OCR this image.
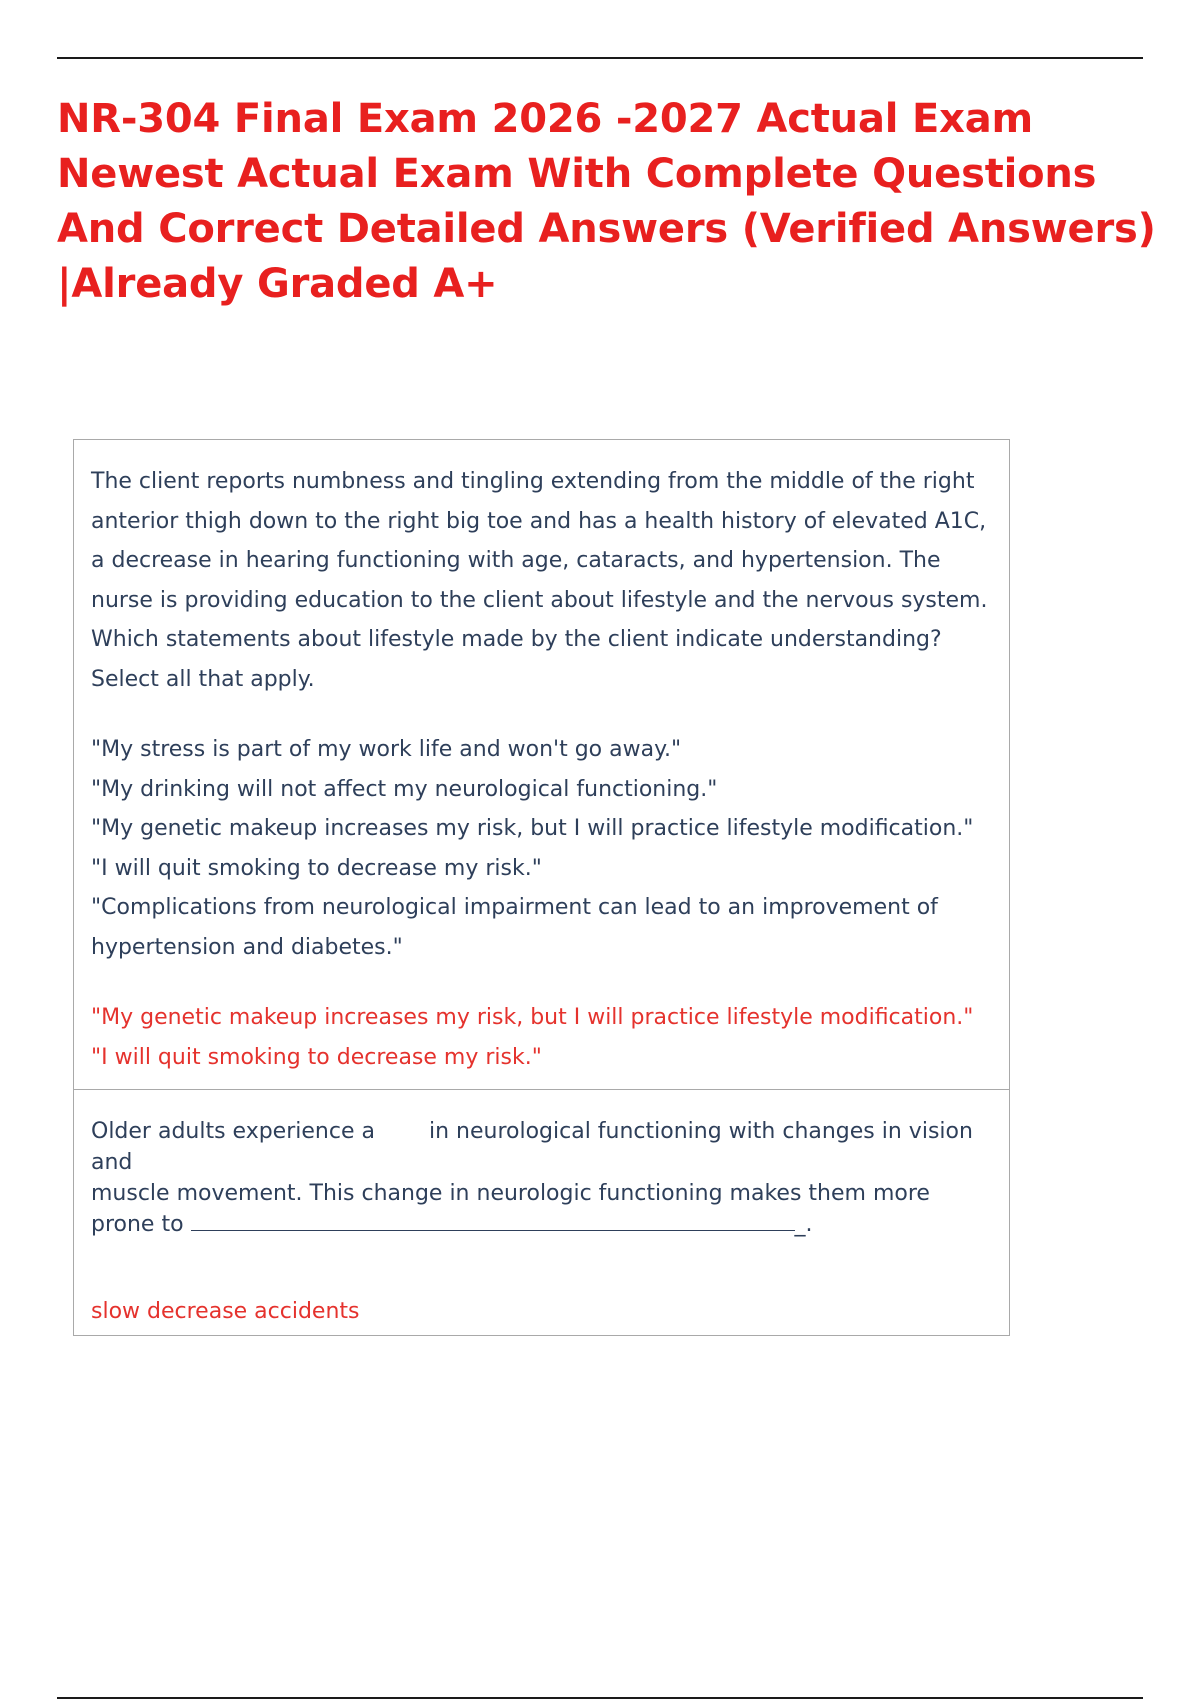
NR-304 Final Exam 2026 -2027 Actual Exam Newest Actual Exam With Complete Questions And Correct Detailed Answers (Verified Answers) |Already Graded A+

The client reports numbness and tingling extending from the middle of the right anterior thigh down to the right big toe and has a health history of elevated A1C, a decrease in hearing functioning with age, cataracts, and hypertension. The nurse is providing education to the client about lifestyle and the nervous system. Which statements about lifestyle made by the client indicate understanding? Select all that apply.

"My stress is part of my work life and won't go away."
"My drinking will not affect my neurological functioning."
"My genetic makeup increases my risk, but I will practice lifestyle modification." "I will quit smoking to decrease my risk."
"Complications from neurological impairment can lead to an improvement of hypertension and diabetes."

"My genetic makeup increases my risk, but I will practice lifestyle modification." "I will quit smoking to decrease my risk."

Older adults experience a in neurological functioning with changes in vision and
muscle movement. This change in neurologic functioning makes them more prone to	_.

slow decrease accidents
